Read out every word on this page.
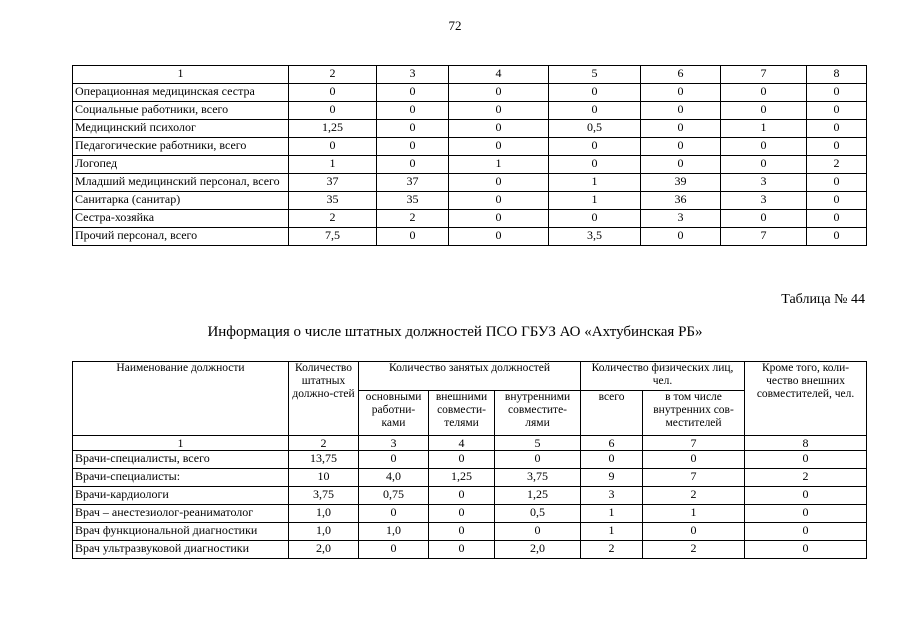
72
1	2	3	4	5	6	7	8
Операционная медицинская сестра	0	0	0	0	0	0	0
Социальные работники, всего	0	0	0	0	0	0	0
Медицинский психолог	1,25	0	0	0,5	0	1	0
Педагогические работники, всего	0	0	0	0	0	0	0
Логопед	1	0	1	0	0	0	2
Младший медицинский персонал, всего	37	37	0	1	39	3	0
Санитарка (санитар)	35	35	0	1	36	3	0
Сестра-хозяйка	2	2	0	0	3	0	0
Прочий персонал, всего	7,5	0	0	3,5	0	7	0
Таблица № 44
Информация о числе штатных должностей ПСО ГБУЗ АО «Ахтубинская РБ»
Наименование должности	Количество штатных должно-стей	Количество занятых должностей			Количество физических лиц, чел.		Кроме того, коли-чество внешних совместителей, чел.
		основными работни-ками	внешними совмести-телями	внутренними совместите-лями	всего	в том числе внутренних сов-местителей	
1	2	3	4	5	6	7	8
Врачи-специалисты, всего	13,75	0	0	0	0	0	0
Врачи-специалисты:	10	4,0	1,25	3,75	9	7	2
Врачи-кардиологи	3,75	0,75	0	1,25	3	2	0
Врач – анестезиолог-реаниматолог	1,0	0	0	0,5	1	1	0
Врач функциональной диагностики	1,0	1,0	0	0	1	0	0
Врач ультразвуковой диагностики	2,0	0	0	2,0	2	2	0
